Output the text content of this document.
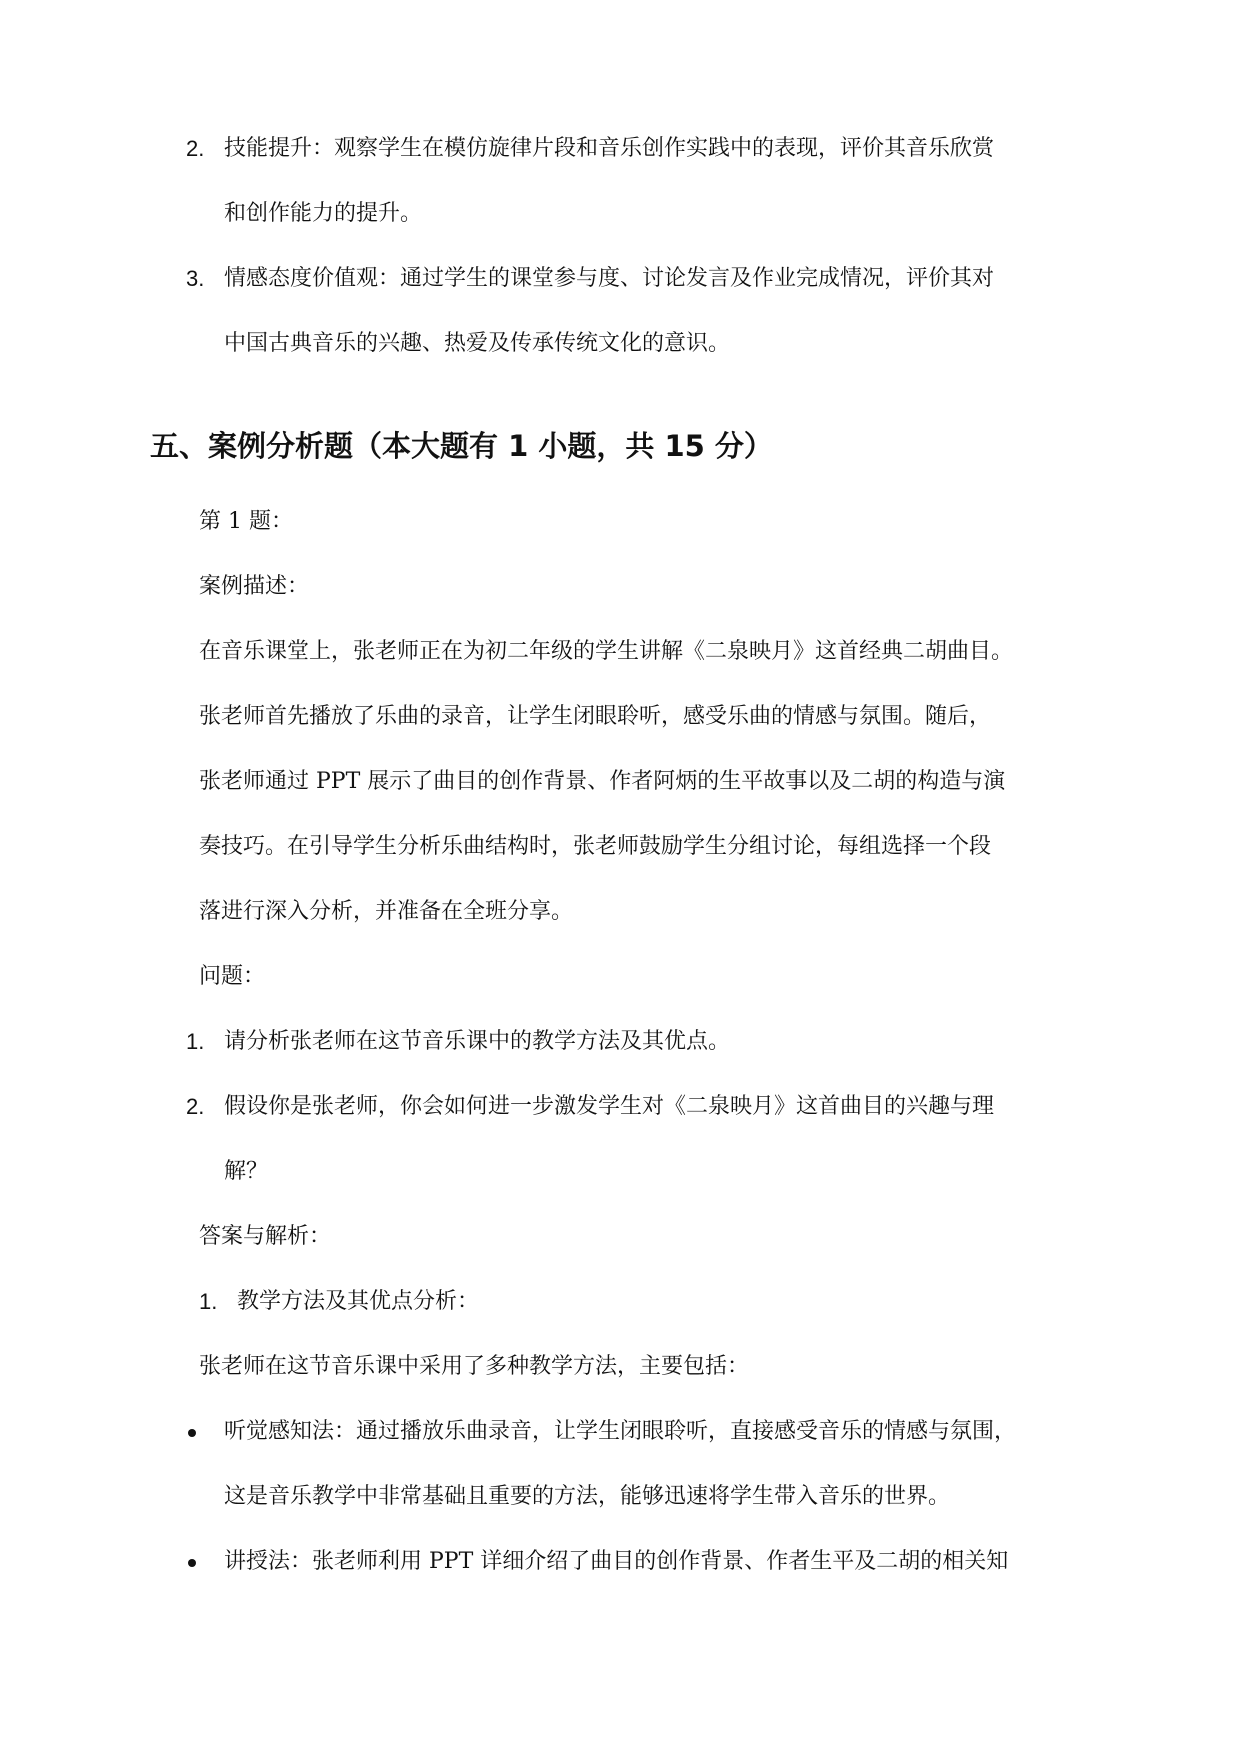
2. 技能提升：观察学生在模仿旋律片段和音乐创作实践中的表现，评价其音乐欣赏
和创作能力的提升。
3. 情感态度价值观：通过学生的课堂参与度、讨论发言及作业完成情况，评价其对
中国古典音乐的兴趣、热爱及传承传统文化的意识。
五、案例分析题（本大题有 1 小题，共 15 分）
第 1 题：
案例描述：
在音乐课堂上，张老师正在为初二年级的学生讲解《二泉映月》这首经典二胡曲目。
张老师首先播放了乐曲的录音，让学生闭眼聆听，感受乐曲的情感与氛围。随后，
张老师通过 PPT 展示了曲目的创作背景、作者阿炳的生平故事以及二胡的构造与演
奏技巧。在引导学生分析乐曲结构时，张老师鼓励学生分组讨论，每组选择一个段
落进行深入分析，并准备在全班分享。
问题：
1. 请分析张老师在这节音乐课中的教学方法及其优点。
2. 假设你是张老师，你会如何进一步激发学生对《二泉映月》这首曲目的兴趣与理
解？
答案与解析：
1. 教学方法及其优点分析：
张老师在这节音乐课中采用了多种教学方法，主要包括：
听觉感知法：通过播放乐曲录音，让学生闭眼聆听，直接感受音乐的情感与氛围，
这是音乐教学中非常基础且重要的方法，能够迅速将学生带入音乐的世界。
讲授法：张老师利用 PPT 详细介绍了曲目的创作背景、作者生平及二胡的相关知
